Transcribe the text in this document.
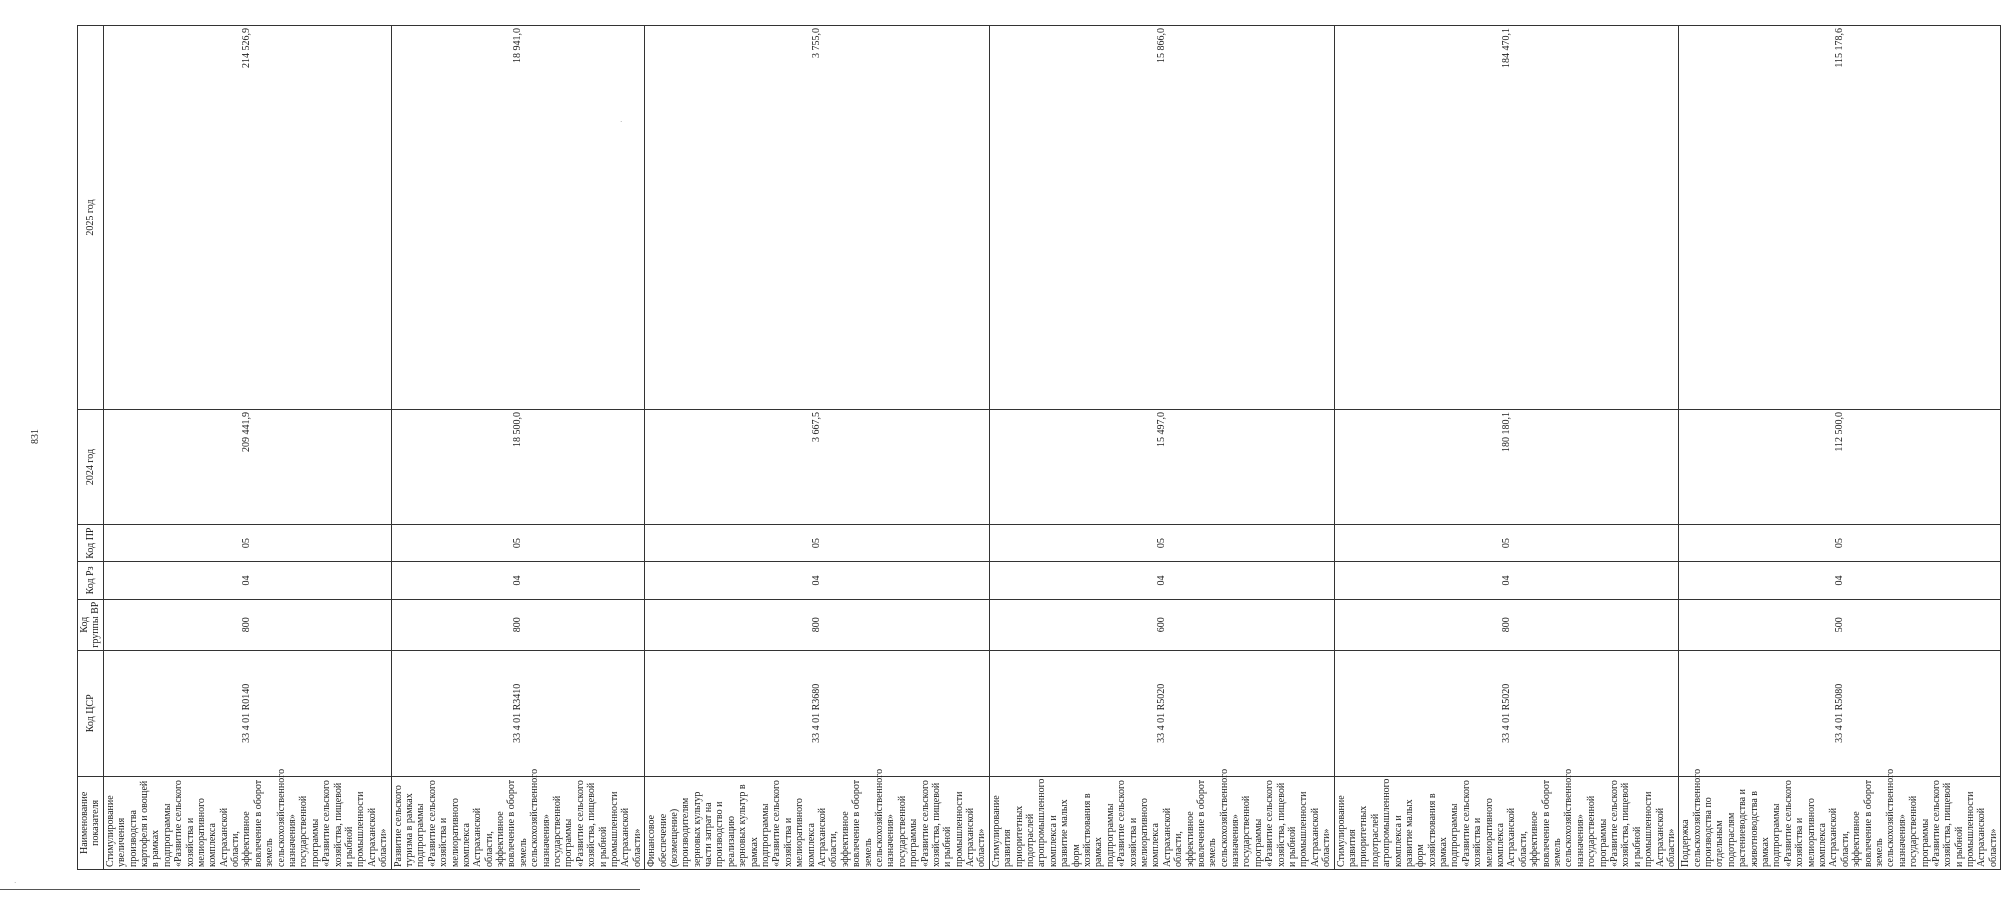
831
Наименование показателя	Код ЦСР	Код группы ВР	Код Рз	Код ПР	2024 год	2025 год
Стимулирование увеличения производства картофеля и овощей в рамках подпрограммы «Развитие сельского хозяйства и мелиоративного комплекса Астраханской области, эффективное вовлечение в оборот земель сельскохозяйственного назначения» государственной программы «Развитие сельского хозяйства, пищевой и рыбной промышленности Астраханской области»	33 4 01 R0140	800	04	05	209 441,9	214 526,9
Развитие сельского туризма в рамках подпрограммы «Развитие сельского хозяйства и мелиоративного комплекса Астраханской области, эффективное вовлечение в оборот земель сельскохозяйственного назначения» государственной программы «Развитие сельского хозяйства, пищевой и рыбной промышленности Астраханской области»	33 4 01 R3410	800	04	05	18 500,0	18 941,0
Финансовое обеспечение (возмещение) производителям зерновых культур части затрат на производство и реализацию зерновых культур в рамках подпрограммы «Развитие сельского хозяйства и мелиоративного комплекса Астраханской области, эффективное вовлечение в оборот земель сельскохозяйственного назначения» государственной программы «Развитие сельского хозяйства, пищевой и рыбной промышленности Астраханской области»	33 4 01 R3680	800	04	05	3 667,5	3 755,0
Стимулирование развития приоритетных подотраслей агропромышленного комплекса и развитие малых форм хозяйствования в рамках подпрограммы «Развитие сельского хозяйства и мелиоративного комплекса Астраханской области, эффективное вовлечение в оборот земель сельскохозяйственного назначения» государственной программы «Развитие сельского хозяйства, пищевой и рыбной промышленности Астраханской области»	33 4 01 R5020	600	04	05	15 497,0	15 866,0
Стимулирование развития приоритетных подотраслей агропромышленного комплекса и развитие малых форм хозяйствования в рамках подпрограммы «Развитие сельского хозяйства и мелиоративного комплекса Астраханской области, эффективное вовлечение в оборот земель сельскохозяйственного назначения» государственной программы «Развитие сельского хозяйства, пищевой и рыбной промышленности Астраханской области»	33 4 01 R5020	800	04	05	180 180,1	184 470,1
Поддержка сельскохозяйственного производства по отдельным подотраслям растениеводства и животноводства в рамках подпрограммы «Развитие сельского хозяйства и мелиоративного комплекса Астраханской области, эффективное вовлечение в оборот земель сельскохозяйственного назначения» государственной программы «Развитие сельского хозяйства, пищевой и рыбной промышленности Астраханской области»	33 4 01 R5080	500	04	05	112 500,0	115 178,6
·
·
